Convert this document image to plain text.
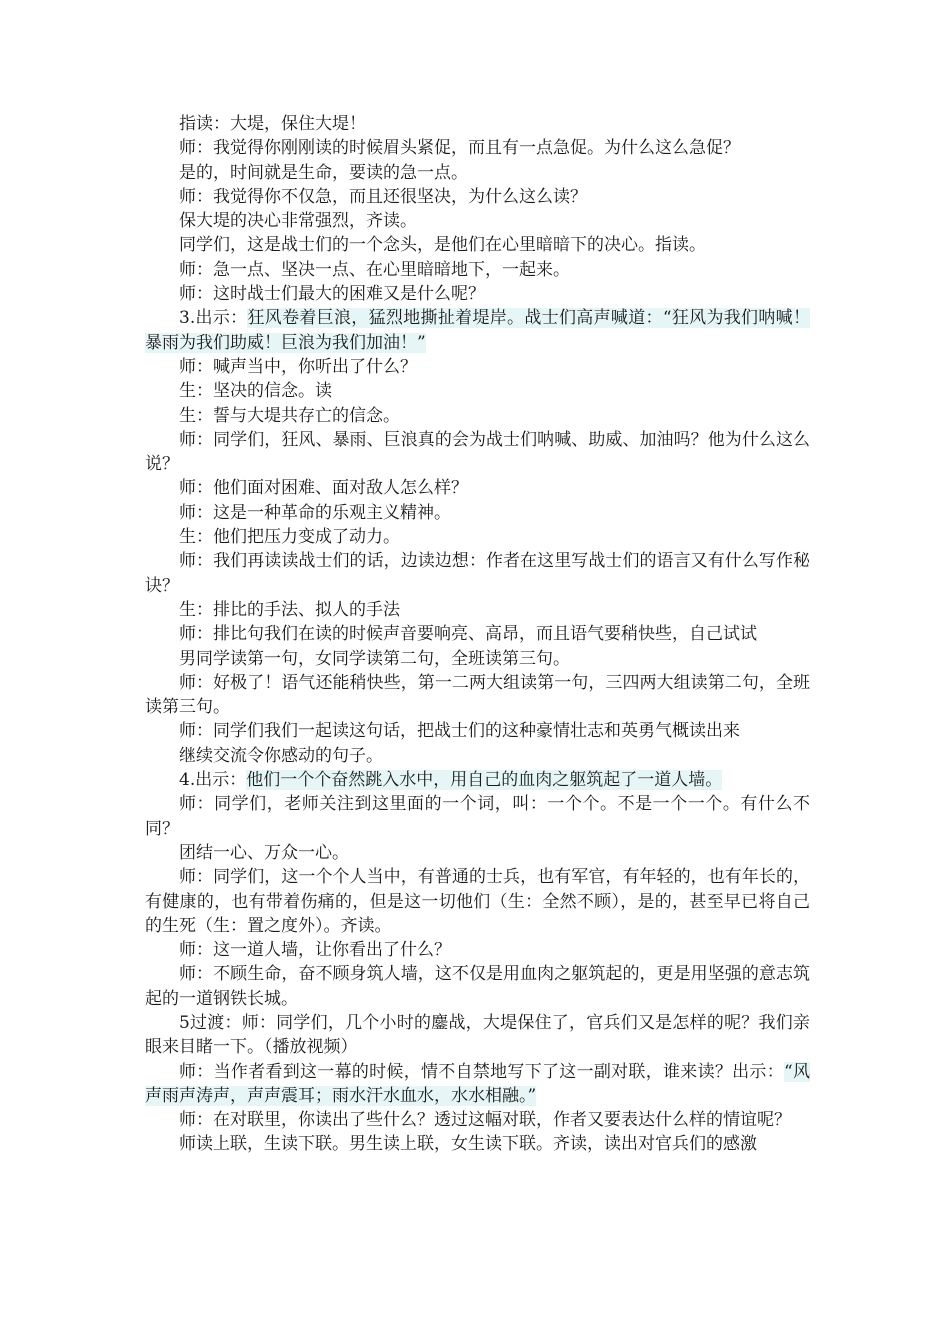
指读：大堤，保住大堤！

师：我觉得你刚刚读的时候眉头紧促，而且有一点急促。为什么这么急促？

是的，时间就是生命，要读的急一点。

师：我觉得你不仅急，而且还很坚决，为什么这么读？

保大堤的决心非常强烈，齐读。

同学们，这是战士们的一个念头，是他们在心里暗暗下的决心。指读。

师：急一点、坚决一点、在心里暗暗地下，一起来。

师：这时战士们最大的困难又是什么呢？

3.出示：狂风卷着巨浪，猛烈地撕扯着堤岸。战士们高声喊道：“狂风为我们呐喊！暴雨为我们助威！巨浪为我们加油！”

师：喊声当中，你听出了什么？

生：坚决的信念。读

生：誓与大堤共存亡的信念。

师：同学们，狂风、暴雨、巨浪真的会为战士们呐喊、助威、加油吗？他为什么这么说？

师：他们面对困难、面对敌人怎么样？

师：这是一种革命的乐观主义精神。

生：他们把压力变成了动力。

师：我们再读读战士们的话，边读边想：作者在这里写战士们的语言又有什么写作秘诀？

生：排比的手法、拟人的手法

师：排比句我们在读的时候声音要响亮、高昂，而且语气要稍快些，自己试试

男同学读第一句，女同学读第二句，全班读第三句。

师：好极了！语气还能稍快些，第一二两大组读第一句，三四两大组读第二句，全班读第三句。

师：同学们我们一起读这句话，把战士们的这种豪情壮志和英勇气概读出来

继续交流令你感动的句子。

4.出示：他们一个个奋然跳入水中，用自己的血肉之躯筑起了一道人墙。

师：同学们，老师关注到这里面的一个词，叫：一个个。不是一个一个。有什么不同？

团结一心、万众一心。

师：同学们，这一个个人当中，有普通的士兵，也有军官，有年轻的，也有年长的，有健康的，也有带着伤痛的，但是这一切他们（生：全然不顾），是的，甚至早已将自己的生死（生：置之度外）。齐读。

师：这一道人墙，让你看出了什么？

师：不顾生命，奋不顾身筑人墙，这不仅是用血肉之躯筑起的，更是用坚强的意志筑起的一道钢铁长城。

5过渡：师：同学们，几个小时的鏖战，大堤保住了，官兵们又是怎样的呢？我们亲眼来目睹一下。（播放视频）

师：当作者看到这一幕的时候，情不自禁地写下了这一副对联，谁来读？出示：“风声雨声涛声，声声震耳；雨水汗水血水，水水相融。”

师：在对联里，你读出了些什么？透过这幅对联，作者又要表达什么样的情谊呢？

师读上联，生读下联。男生读上联，女生读下联。齐读，读出对官兵们的感激
